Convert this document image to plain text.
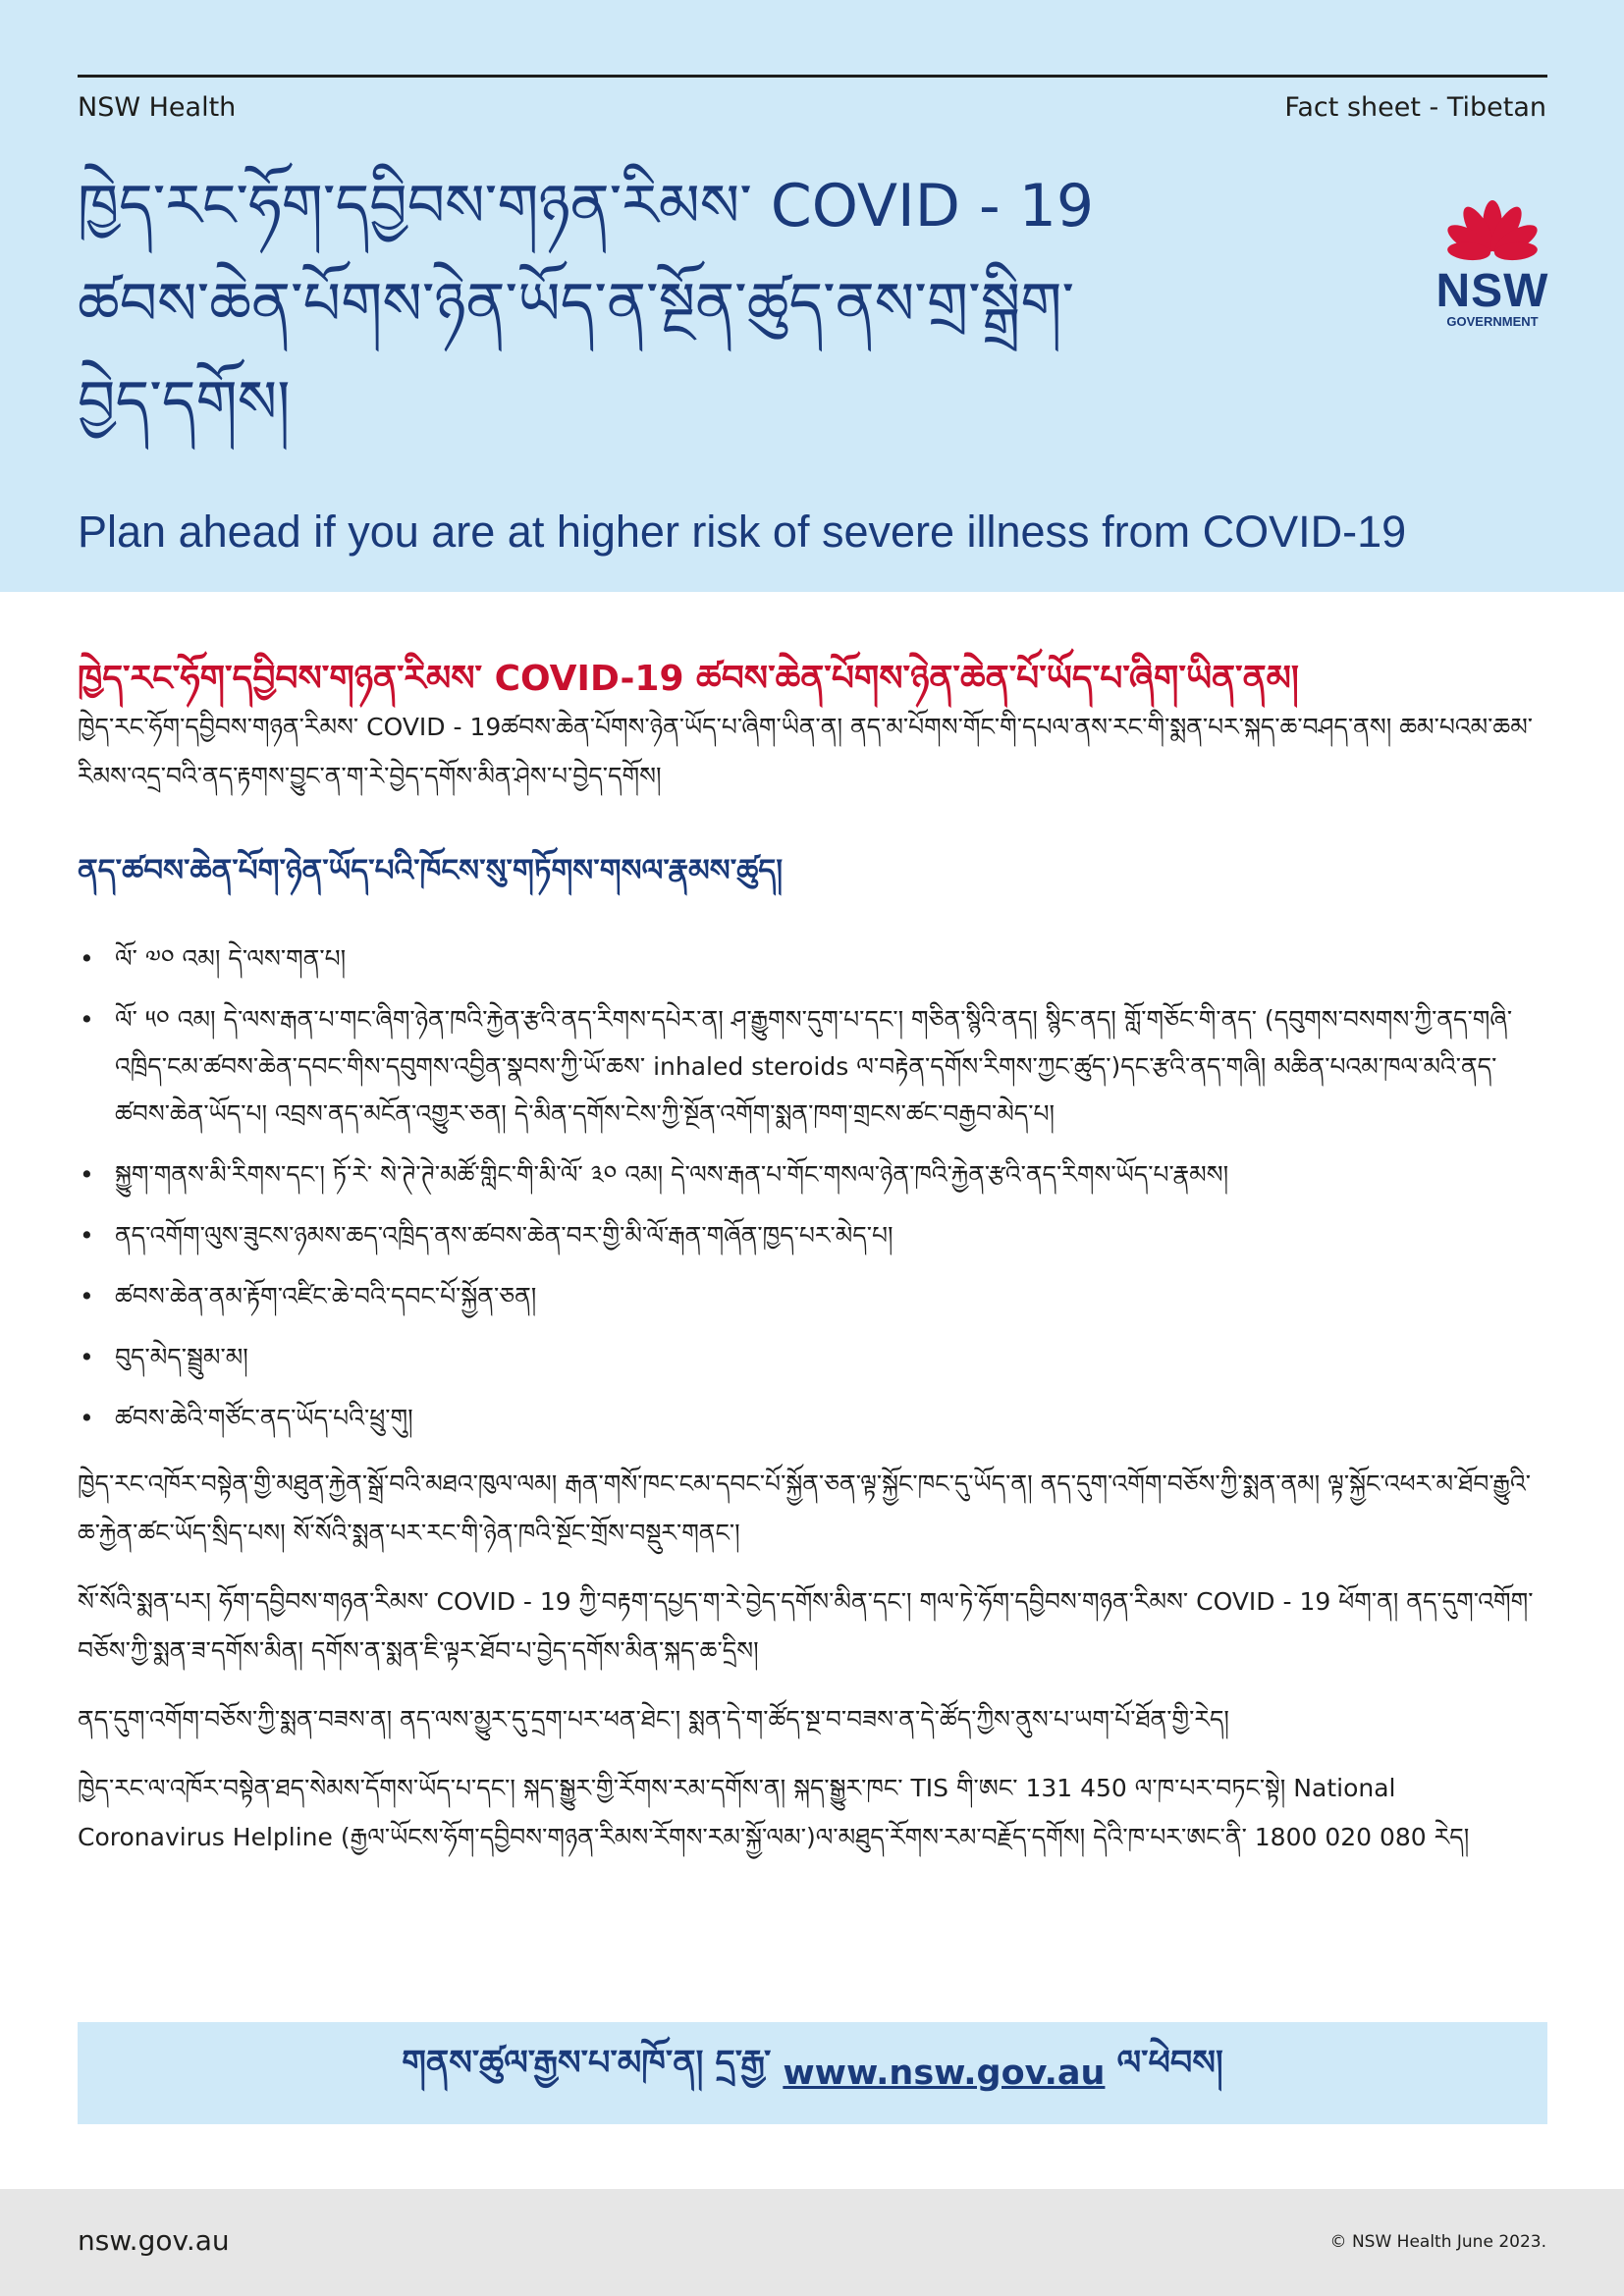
NSW Health	Fact sheet - Tibetan
ཁྱེད་རང་ཧོག་དབྱིབས་གཉན་རིམས་ COVID - 19
ཚབས་ཆེན་པོགས་ཉེན་ཡོད་ན་སྔོན་ཚུད་ནས་གྲ་སྒྲིག་
བྱེད་དགོས།
Plan ahead if you are at higher risk of severe illness from COVID-19
NSW
GOVERNMENT
ཁྱེད་རང་ཧོག་དབྱིབས་གཉན་རིམས་ COVID-19 ཚབས་ཆེན་པོགས་ཉེན་ཆེན་པོ་ཡོད་པ་ཞིག་ཡིན་ནམ།

ཁྱེད་རང་ཧོག་དབྱིབས་གཉན་རིམས་ COVID - 19ཚབས་ཆེན་པོགས་ཉེན་ཡོད་པ་ཞིག་ཡིན་ན། ནད་མ་པོགས་གོང་གི་དཔལ་ནས་རང་གི་སྨན་པར་སྐད་ཆ་བཤད་ནས། ཆམ་པའམ་ཆམ་རིམས་འདྲ་བའི་ནད་རྟགས་བྱུང་ན་ག་རེ་བྱེད་དགོས་མིན་ཤེས་པ་བྱེད་དགོས།

ནད་ཚབས་ཆེན་པོག་ཉེན་ཡོད་པའི་ཁོངས་སུ་གཏོགས་གསལ་རྣམས་ཚུད།
• ལོ་ ༧༠ འམ། དེ་ལས་གན་པ།
• ལོ་ ༥༠ འམ། དེ་ལས་རྒན་པ་གང་ཞིག་ཉེན་ཁའི་རྐྱེན་རྩའི་ནད་རིགས་དཔེར་ན། ཤ་རྒྱུགས་དུག་པ་དང་། གཅིན་སྙིའི་ནད། སྙིང་ནད། གློ་གཅོང་གི་ནད་ (དབུགས་བསགས་ཀྱི་ནད་གཞི་འཁྲིད་ངམ་ཚབས་ཆེན་དབང་གིས་དབུགས་འབྱིན་སྣབས་ཀྱི་ཡོ་ཆས་ inhaled steroids ལ་བརྟེན་དགོས་རིགས་ཀྱང་ཚུད་)དང་རྩའི་ནད་གཞི། མཆིན་པའམ་ཁལ་མའི་ནད་ཚབས་ཆེན་ཡོད་པ། འབྲས་ནད་མངོན་འགྱུར་ཅན། དེ་མིན་དགོས་ངེས་ཀྱི་སྔོན་འགོག་སྨན་ཁག་གྲངས་ཚང་བརྒྱབ་མེད་པ།
• སྐྱུག་གནས་མི་རིགས་དང་། ཏོ་རེ་ སེ་ཊེ་ཊེ་མཚོ་གླིང་གི་མི་ལོ་ ༣༠ འམ། དེ་ལས་རྒན་པ་གོང་གསལ་ཉེན་ཁའི་རྐྱེན་རྩའི་ནད་རིགས་ཡོད་པ་རྣམས།
• ནད་འགོག་ལུས་ཟུངས་ཉམས་ཆད་འཁྲིད་ནས་ཚབས་ཆེན་བར་གྱི་མི་ལོ་རྒན་གཞོན་ཁྱད་པར་མེད་པ།
• ཚབས་ཆེན་ནམ་རྟོག་འཛིང་ཆེ་བའི་དབང་པོ་སྐྱོན་ཅན།
• བུད་མེད་སྦྲུམ་མ།
• ཚབས་ཆེའི་གཙོང་ནད་ཡོད་པའི་ཕྲུ་གུ།

ཁྱེད་རང་འཁོར་བསྟེན་གྱི་མཐུན་རྐྱེན་སྒྲོ་བའི་མཐའ་ཁུལ་ལམ། རྒན་གསོ་ཁང་ངམ་དབང་པོ་སྐྱོན་ཅན་ལྟ་སྐྱོང་ཁང་དུ་ཡོད་ན། ནད་དུག་འགོག་བཅོས་ཀྱི་སྨན་ནམ། ལྟ་སྐྱོང་འཕར་མ་ཐོབ་རྒྱུའི་ཆ་རྐྱེན་ཚང་ཡོད་སྲིད་པས། སོ་སོའི་སྨན་པར་རང་གི་ཉེན་ཁའི་སྔོང་གྲོས་བསྡུར་གནང་།

སོ་སོའི་སྨན་པར། ཧོག་དབྱིབས་གཉན་རིམས་ COVID - 19 ཀྱི་བརྟག་དཔྱད་ག་རེ་བྱེད་དགོས་མིན་དང་། གལ་ཏེ་ཧོག་དབྱིབས་གཉན་རིམས་ COVID - 19 ཕོག་ན། ནད་དུག་འགོག་བཅོས་ཀྱི་སྨན་ཟ་དགོས་མིན། དགོས་ན་སྨན་ཇི་ལྟར་ཐོབ་པ་བྱེད་དགོས་མིན་སྐད་ཆ་དྲིས།

ནད་དུག་འགོག་བཅོས་ཀྱི་སྨན་བཟས་ན། ནད་ལས་མྱུར་དུ་དྲག་པར་ཕན་ཐེང་། སྨན་དེ་ག་ཚོད་སྔ་བ་བཟས་ན་དེ་ཚོད་ཀྱིས་ནུས་པ་ཡག་པོ་ཐོན་གྱི་རེད།

ཁྱེད་རང་ལ་འཁོར་བསྟེན་ཐད་སེམས་དོགས་ཡོད་པ་དང་། སྐད་སྒྱུར་གྱི་རོགས་རམ་དགོས་ན། སྐད་སྒྱུར་ཁང་ TIS གི་ཨང་ 131 450 ལ་ཁ་པར་བཏང་སྟེ། National Coronavirus Helpline (རྒྱལ་ཡོངས་ཧོག་དབྱིབས་གཉན་རིམས་རོགས་རམ་སྐྱོ་ལམ་)ལ་མཐུད་རོགས་རམ་བརྗོད་དགོས། དེའི་ཁ་པར་ཨང་ནི་ 1800 020 080 རེད།

གནས་ཚུལ་རྒྱས་པ་མཁོ་ན། དྲ་རྒྱ་ www.nsw.gov.au ལ་ཕེབས།
nsw.gov.au	© NSW Health June 2023.
